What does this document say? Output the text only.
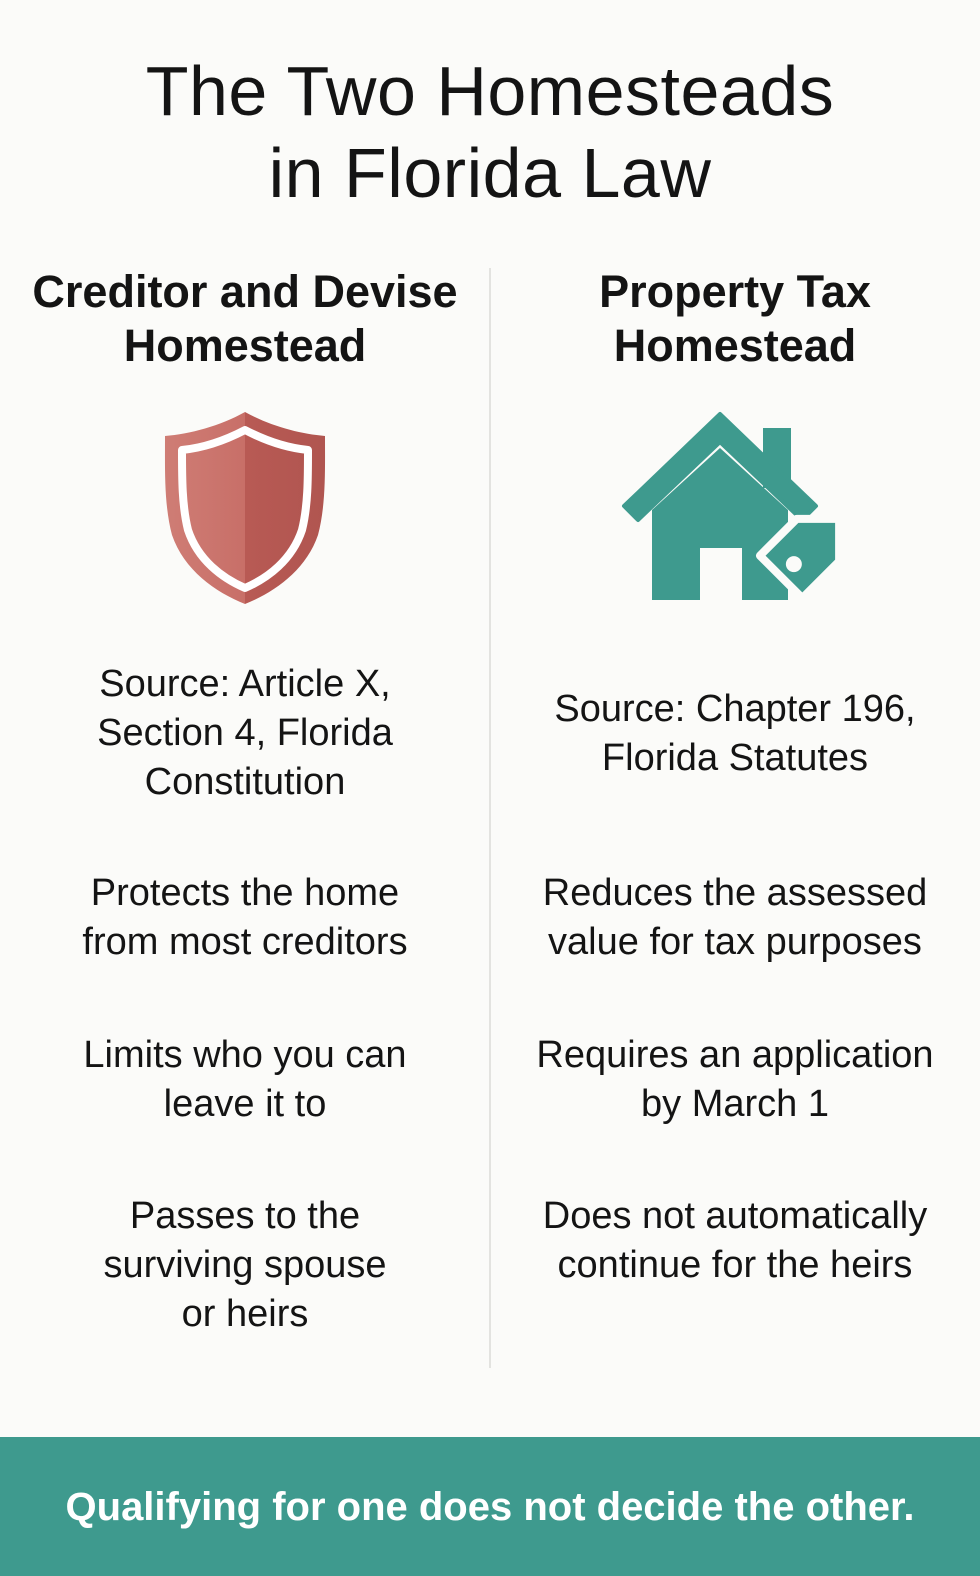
The Two Homesteads
in Florida Law
Creditor and Devise
Homestead
Source: Article X,
Section 4, Florida
Constitution
Protects the home
from most creditors
Limits who you can
leave it to
Passes to the
surviving spouse
or heirs
Property Tax
Homestead
Source: Chapter 196,
Florida Statutes
Reduces the assessed
value for tax purposes
Requires an application
by March 1
Does not automatically
continue for the heirs

Qualifying for one does not decide the other.
